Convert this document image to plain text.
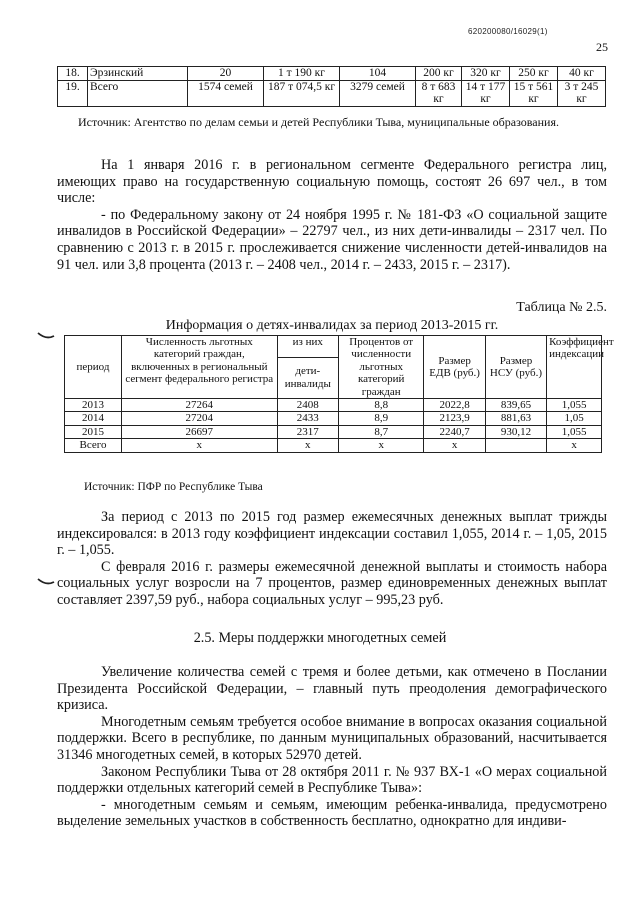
620200080/16029(1)
25
18.	Эрзинский	20	1 т 190 кг	104	200 кг	320 кг	250 кг	40 кг
19.	Всего	1574 семей	187 т 074,5 кг	3279 семей	8 т 683 кг	14 т 177 кг	15 т 561 кг	3 т 245 кг
Источник: Агентство по делам семьи и детей Республики Тыва, муниципальные образования.

На 1 января 2016 г. в региональном сегменте Федерального регистра лиц, имеющих право на государственную социальную помощь, состоят 26 697 чел., в том числе:

- по Федеральному закону от 24 ноября 1995 г. № 181-ФЗ «О социальной защите инвалидов в Российской Федерации» – 22797 чел., из них дети-инвалиды – 2317 чел. По сравнению с 2013 г. в 2015 г. прослеживается снижение численности детей-инвалидов на 91 чел. или 3,8 процента (2013 г. – 2408 чел., 2014 г. – 2433, 2015 г. – 2317).

Таблица № 2.5.
Информация о детях-инвалидах за период 2013-2015 гг.
период	Численность льготных категорий граждан, включенных в региональный сегмент федерального регистра	из них	Процентов от численности льготных категорий граждан	Размер ЕДВ (руб.)	Размер НСУ (руб.)	Коэффициент индексации
		дети-инвалиды				
2013	27264	2408	8,8	2022,8	839,65	1,055
2014	27204	2433	8,9	2123,9	881,63	1,05
2015	26697	2317	8,7	2240,7	930,12	1,055
Всего	х	х	х	х		х
Источник: ПФР по Республике Тыва

За период с 2013 по 2015 год размер ежемесячных денежных выплат трижды индексировался: в 2013 году коэффициент индексации составил 1,055, 2014 г. – 1,05, 2015 г. – 1,055.

С февраля 2016 г. размеры ежемесячной денежной выплаты и стоимость набора социальных услуг возросли на 7 процентов, размер единовременных денежных выплат составляет 2397,59 руб., набора социальных услуг – 995,23 руб.

2.5. Меры поддержки многодетных семей

Увеличение количества семей с тремя и более детьми, как отмечено в Послании Президента Российской Федерации, – главный путь преодоления демографического кризиса.

Многодетным семьям требуется особое внимание в вопросах оказания социальной поддержки. Всего в республике, по данным муниципальных образований, насчитывается 31346 многодетных семей, в которых 52970 детей.

Законом Республики Тыва от 28 октября 2011 г. № 937 ВХ-1 «О мерах социальной поддержки отдельных категорий семей в Республике Тыва»:

- многодетным семьям и семьям, имеющим ребенка-инвалида, предусмотрено выделение земельных участков в собственность бесплатно, однократно для индиви-
